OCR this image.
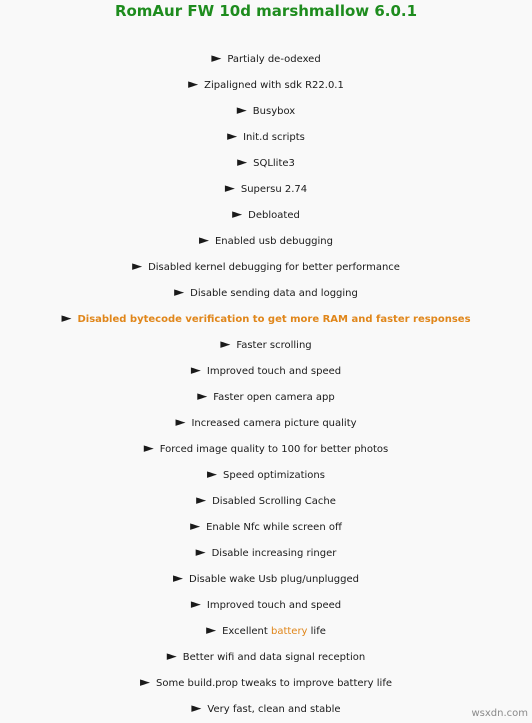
RomAur FW 10d marshmallow 6.0.1
► Partialy de-odexed
► Zipaligned with sdk R22.0.1
► Busybox
► Init.d scripts
► SQLlite3
► Supersu 2.74
► Debloated
► Enabled usb debugging
► Disabled kernel debugging for better performance
► Disable sending data and logging
► Disabled bytecode verification to get more RAM and faster responses
► Faster scrolling
► Improved touch and speed
► Faster open camera app
► Increased camera picture quality
► Forced image quality to 100 for better photos
► Speed optimizations
► Disabled Scrolling Cache
► Enable Nfc while screen off
► Disable increasing ringer
► Disable wake Usb plug/unplugged
► Improved touch and speed
► Excellent battery life
► Better wifi and data signal reception
► Some build.prop tweaks to improve battery life
► Very fast, clean and stable	wsxdn.com
